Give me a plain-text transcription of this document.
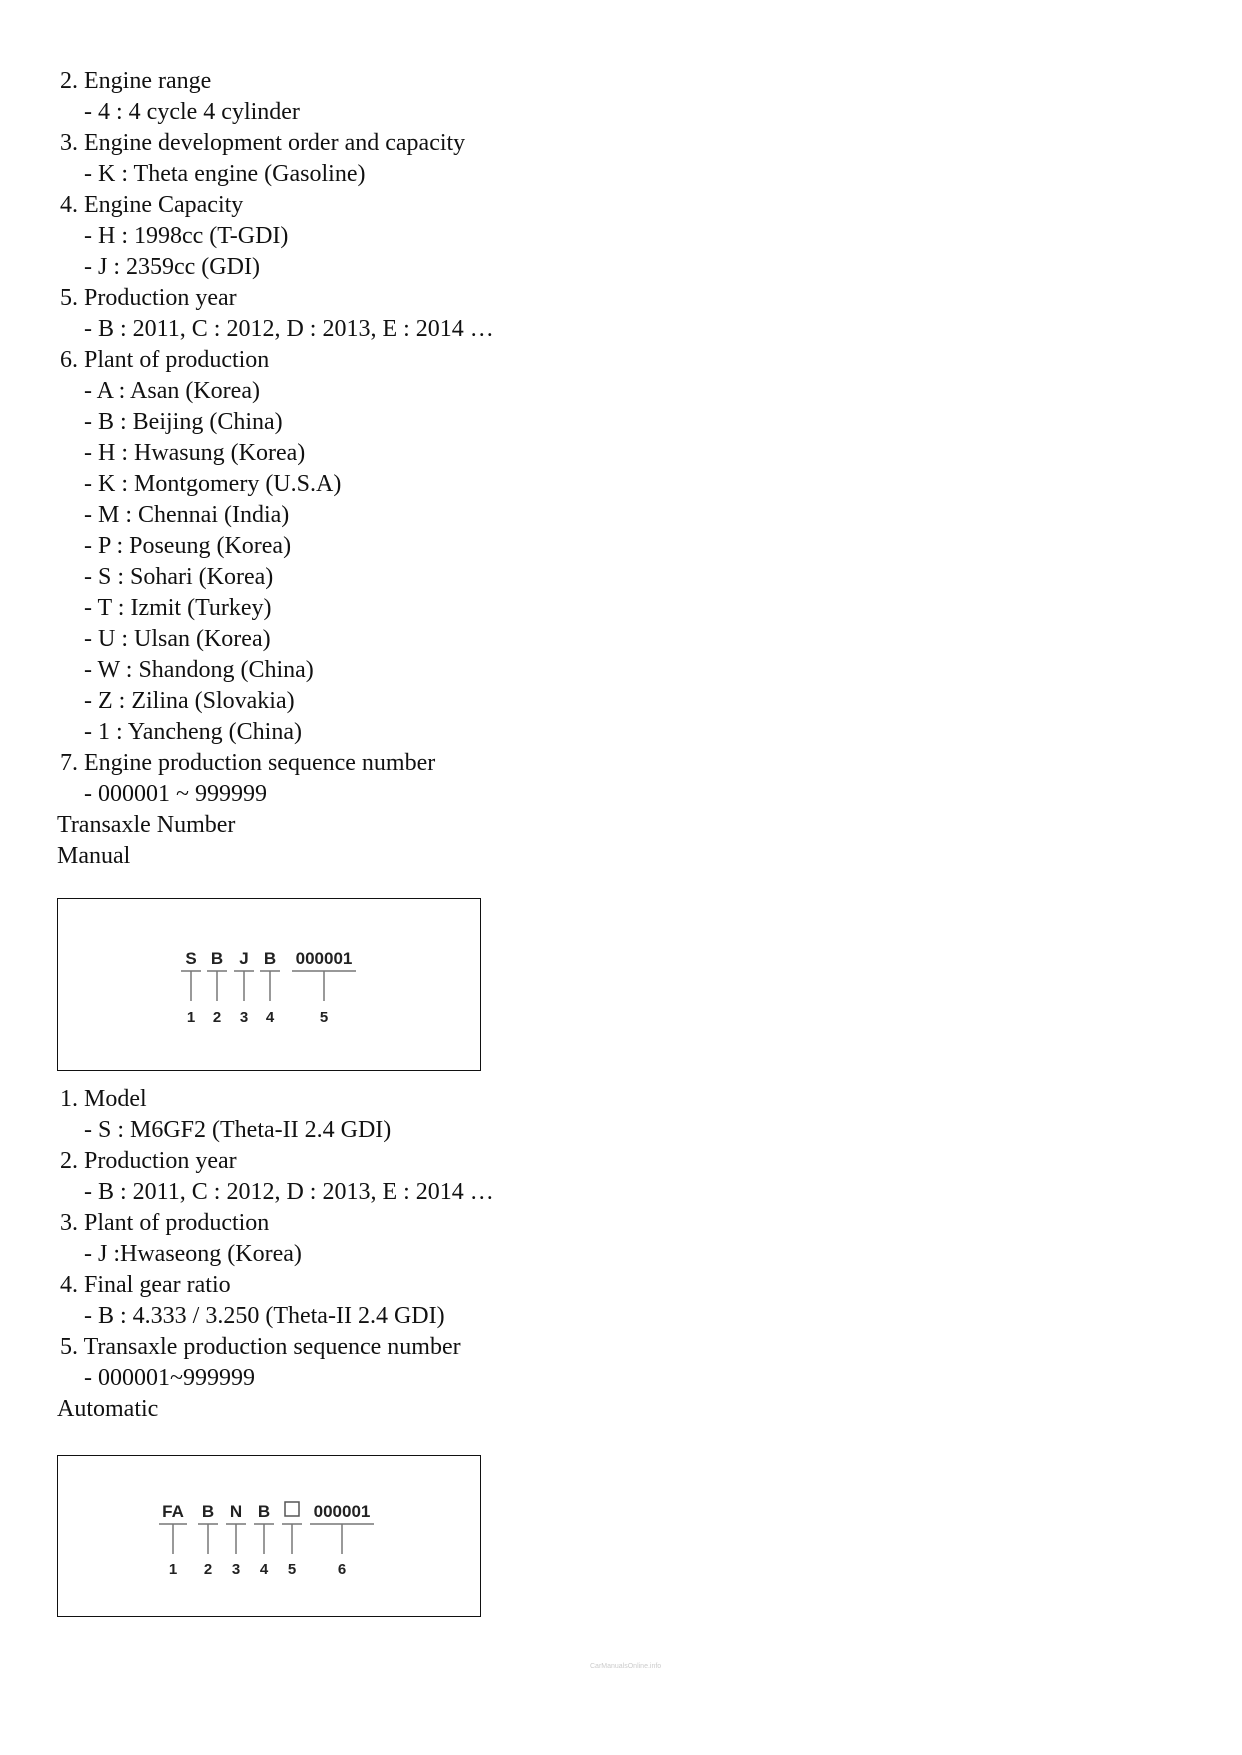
2. Engine range
- 4 : 4 cycle 4 cylinder
3. Engine development order and capacity
- K : Theta engine (Gasoline)
4. Engine Capacity
- H : 1998cc (T-GDI)
- J : 2359cc (GDI)
5. Production year
- B : 2011, C : 2012, D : 2013, E : 2014 …
6. Plant of production
- A : Asan (Korea)
- B : Beijing (China)
- H : Hwasung (Korea)
- K : Montgomery (U.S.A)
- M : Chennai (India)
- P : Poseung (Korea)
- S : Sohari (Korea)
- T : Izmit (Turkey)
- U : Ulsan (Korea)
- W : Shandong (China)
- Z : Zilina (Slovakia)
- 1 : Yancheng (China)
7. Engine production sequence number
- 000001 ~ 999999
Transaxle Number
Manual
S B J B 000001
1 2 3 4	5
1. Model
- S : M6GF2 (Theta-II 2.4 GDI)
2. Production year
- B : 2011, C : 2012, D : 2013, E : 2014 …
3. Plant of production
- J :Hwaseong (Korea)
4. Final gear ratio
- B : 4.333 / 3.250 (Theta-II 2.4 GDI)
5. Transaxle production sequence number
- 000001~999999
Automatic
FA B N B	000001
1 2 3 4 5	6
CarManualsOnline.info
